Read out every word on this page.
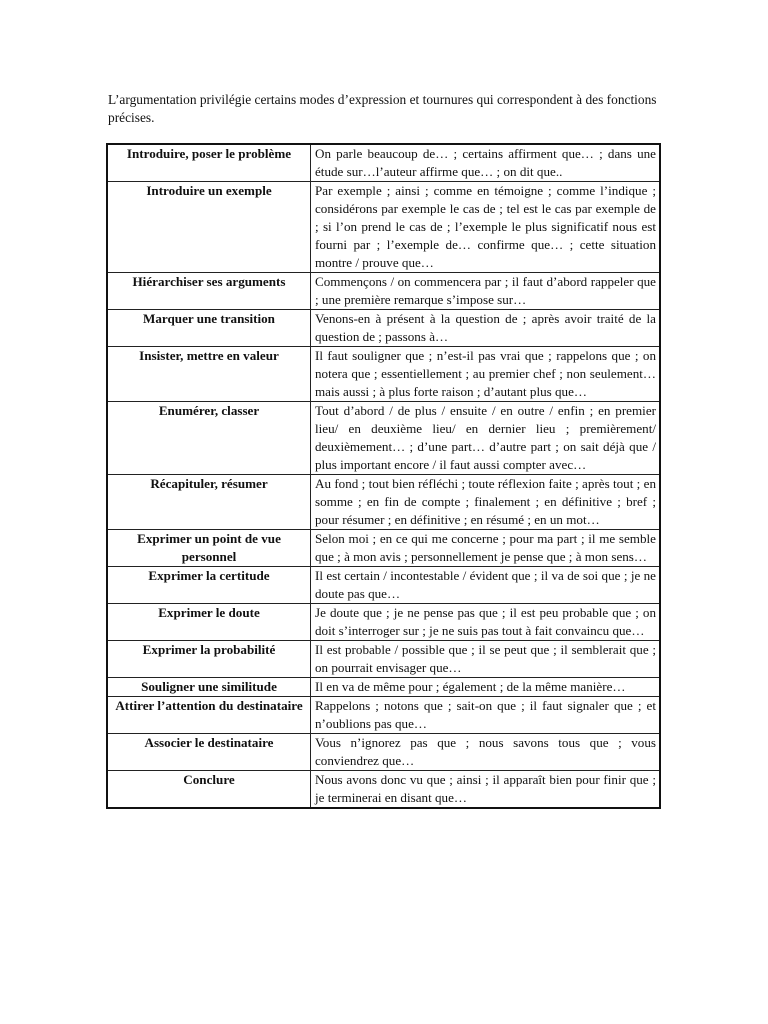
L’argumentation privilégie certains modes d’expression et tournures qui correspondent à des fonctions précises.

Introduire, poser le problème	On parle beaucoup de… ; certains affirment que… ; dans une étude sur…l’auteur affirme que… ; on dit que..
Introduire un exemple	Par exemple ; ainsi ; comme en témoigne ; comme l’indique ; considérons par exemple le cas de ; tel est le cas par exemple de ; si l’on prend le cas de ; l’exemple le plus significatif nous est fourni par ; l’exemple de… confirme que… ; cette situation montre / prouve que…
Hiérarchiser ses arguments	Commençons / on commencera par ; il faut d’abord rappeler que ; une première remarque s’impose sur…
Marquer une transition	Venons-en à présent à la question de ; après avoir traité de la question de ; passons à…
Insister, mettre en valeur	Il faut souligner que ; n’est-il pas vrai que ; rappelons que ; on notera que ; essentiellement ; au premier chef ; non seulement…mais aussi ; à plus forte raison ; d’autant plus que…
Enumérer, classer	Tout d’abord / de plus / ensuite / en outre / enfin ; en premier lieu/ en deuxième lieu/ en dernier lieu ; premièrement/ deuxièmement… ; d’une part… d’autre part ; on sait déjà que / plus important encore / il faut aussi compter avec…
Récapituler, résumer	Au fond ; tout bien réfléchi ; toute réflexion faite ; après tout ; en somme ; en fin de compte ; finalement ; en définitive ; bref ; pour résumer ; en définitive ; en résumé ; en un mot…
Exprimer un point de vue personnel	Selon moi ; en ce qui me concerne ; pour ma part ; il me semble que ; à mon avis ; personnellement je pense que ; à mon sens…
Exprimer la certitude	Il est certain / incontestable / évident que ; il va de soi que ; je ne doute pas que…
Exprimer le doute	Je doute que ; je ne pense pas que ; il est peu probable que ; on doit s’interroger sur ; je ne suis pas tout à fait convaincu que…
Exprimer la probabilité	Il est probable / possible que ; il se peut que ; il semblerait que ; on pourrait envisager que…
Souligner une similitude	Il en va de même pour ; également ; de la même manière…
Attirer l’attention du destinataire	Rappelons ; notons que ; sait-on que ; il faut signaler que ; et n’oublions pas que…
Associer le destinataire	Vous n’ignorez pas que ; nous savons tous que ; vous conviendrez que…
Conclure	Nous avons donc vu que ; ainsi ; il apparaît bien pour finir que ; je terminerai en disant que…
